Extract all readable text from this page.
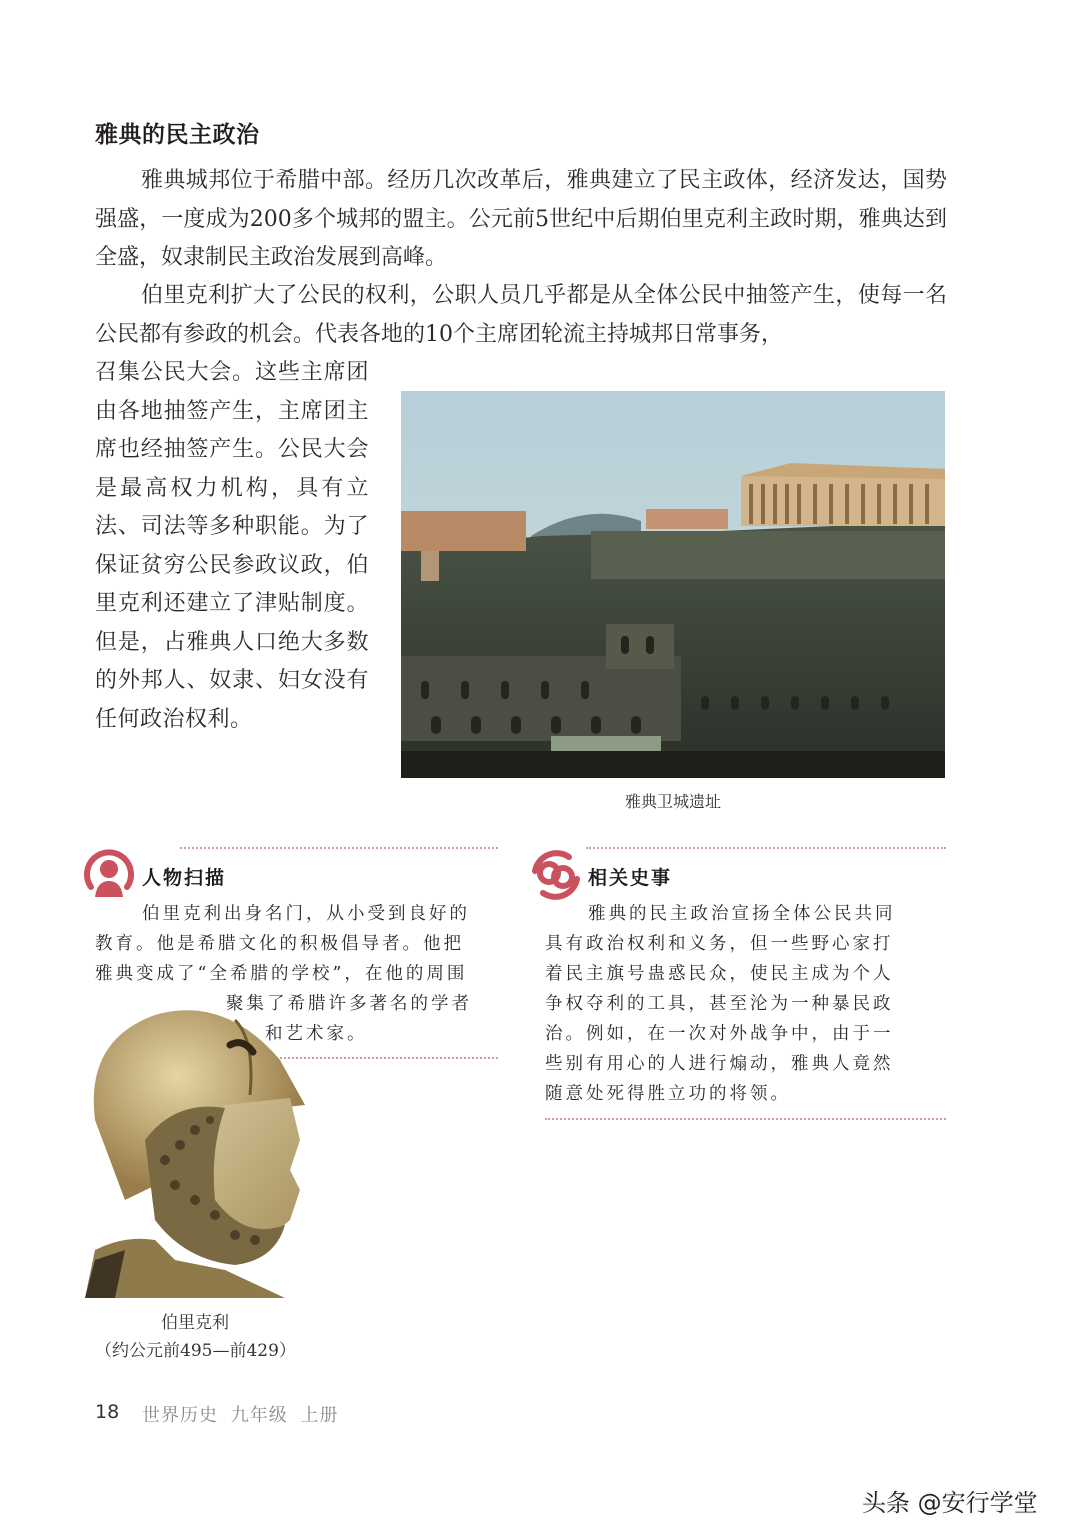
雅典的民主政治
雅典城邦位于希腊中部。经历几次改革后，雅典建立了民主政体，经济发达，国势强盛，一度成为200多个城邦的盟主。公元前5世纪中后期伯里克利主政时期，雅典达到全盛，奴隶制民主政治发展到高峰。
伯里克利扩大了公民的权利，公职人员几乎都是从全体公民中抽签产生，使每一名公民都有参政的机会。代表各地的10个主席团轮流主持城邦日常事务，
召集公民大会。这些主席团由各地抽签产生，主席团主席也经抽签产生。公民大会是最高权力机构，具有立法、司法等多种职能。为了保证贫穷公民参政议政，伯里克利还建立了津贴制度。但是，占雅典人口绝大多数的外邦人、奴隶、妇女没有任何政治权利。
雅典卫城遗址
人物扫描
伯里克利出身名门，从小受到良好的
教育。他是希腊文化的积极倡导者。他把
雅典变成了“全希腊的学校”，在他的周围
聚集了希腊许多著名的学者
和艺术家。
伯里克利
（约公元前495—前429）
相关史事
雅典的民主政治宣扬全体公民共同
具有政治权利和义务，但一些野心家打
着民主旗号蛊惑民众，使民主成为个人
争权夺利的工具，甚至沦为一种暴民政
治。例如，在一次对外战争中，由于一
些别有用心的人进行煽动，雅典人竟然
随意处死得胜立功的将领。
18 世界历史 九年级 上册
头条 @安行学堂
